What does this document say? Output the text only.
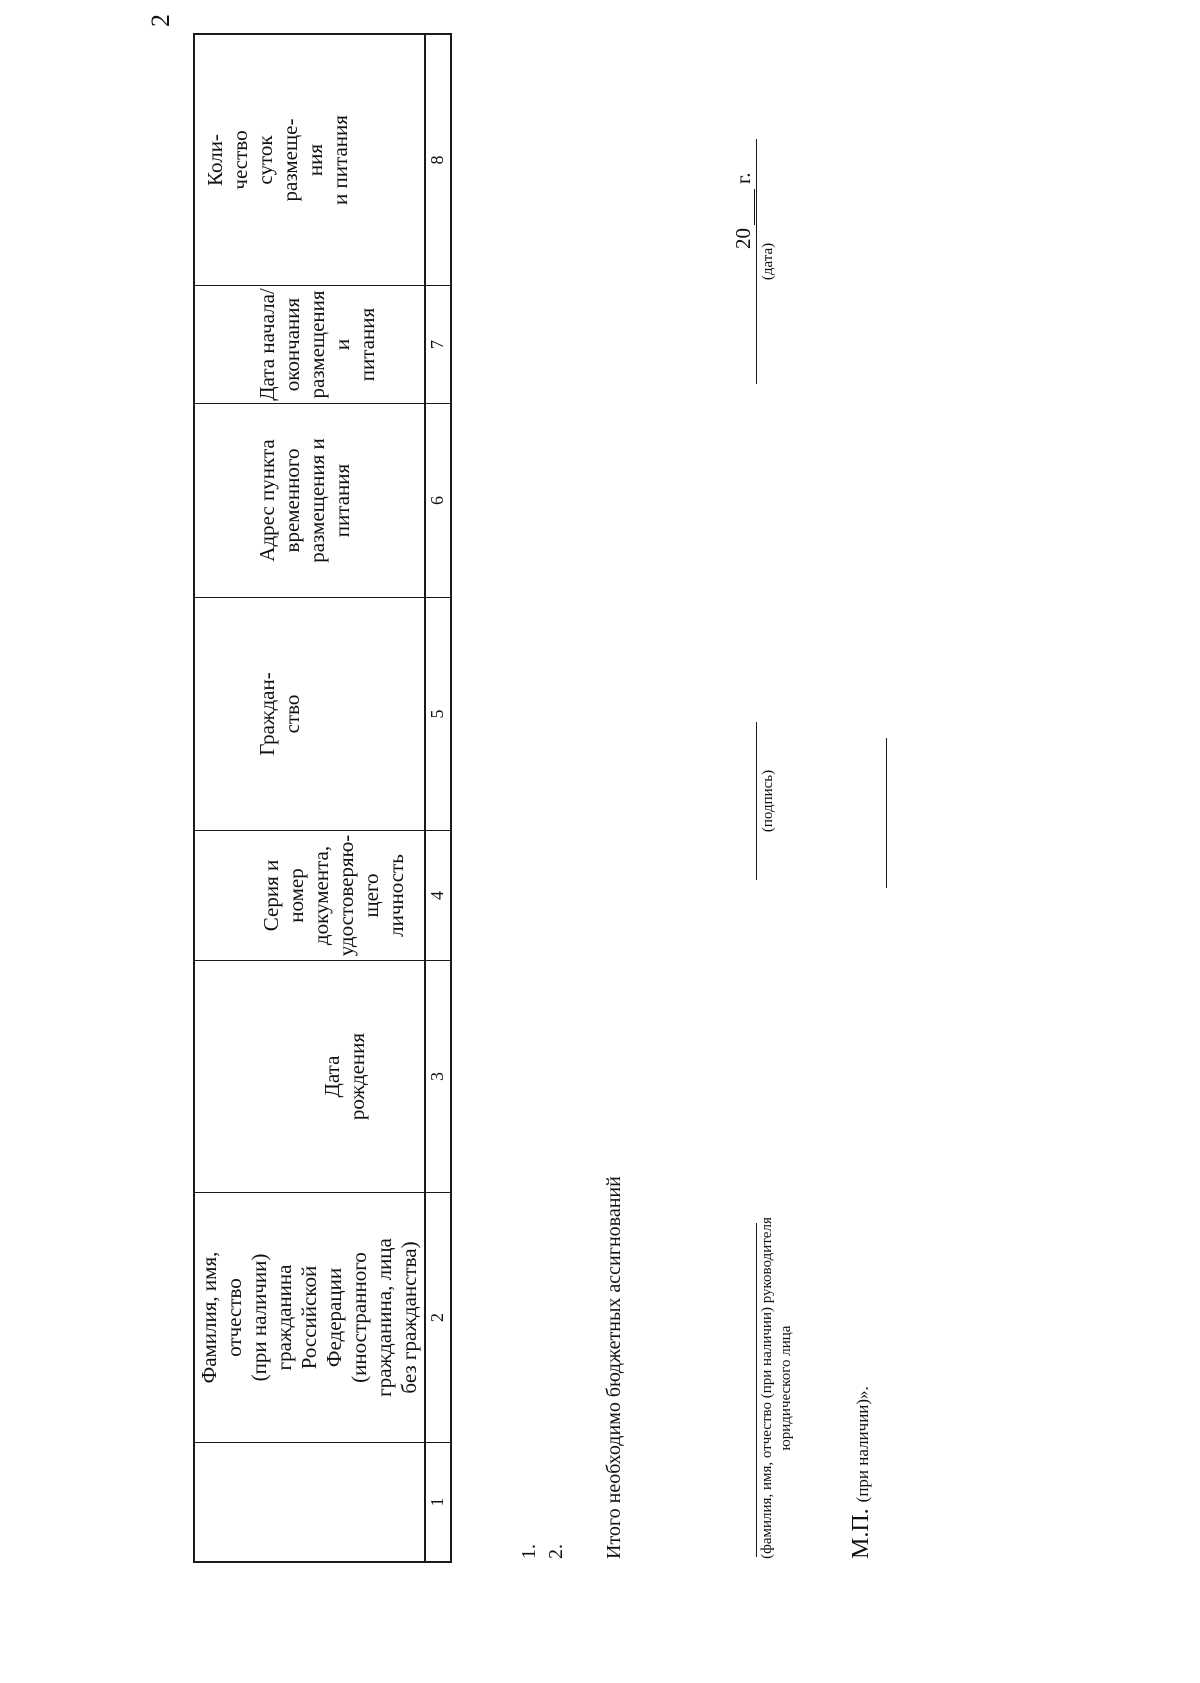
2
Фамилия, имя,
отчество
(при наличии)
гражданина
Российской
Федерации
(иностранного
гражданина, лица
без гражданства)
Дата
рождения
Серия и номер
документа,
удостоверяю-
щего личность
Граждан-
ство
Адрес пункта
временного
размещения и
питания
Дата начала/
окончания
размещения и
питания
Коли-
чество
суток
размеще-
ния
и питания
1
2
3
4
5
6
7
8
1. 2. Итого необходимо бюджетных ассигнований	(фамилия, имя, отчество (при наличии) руководителя
юридического лица
(подпись)
(дата)
20
г.
М.П. (при наличии)».
